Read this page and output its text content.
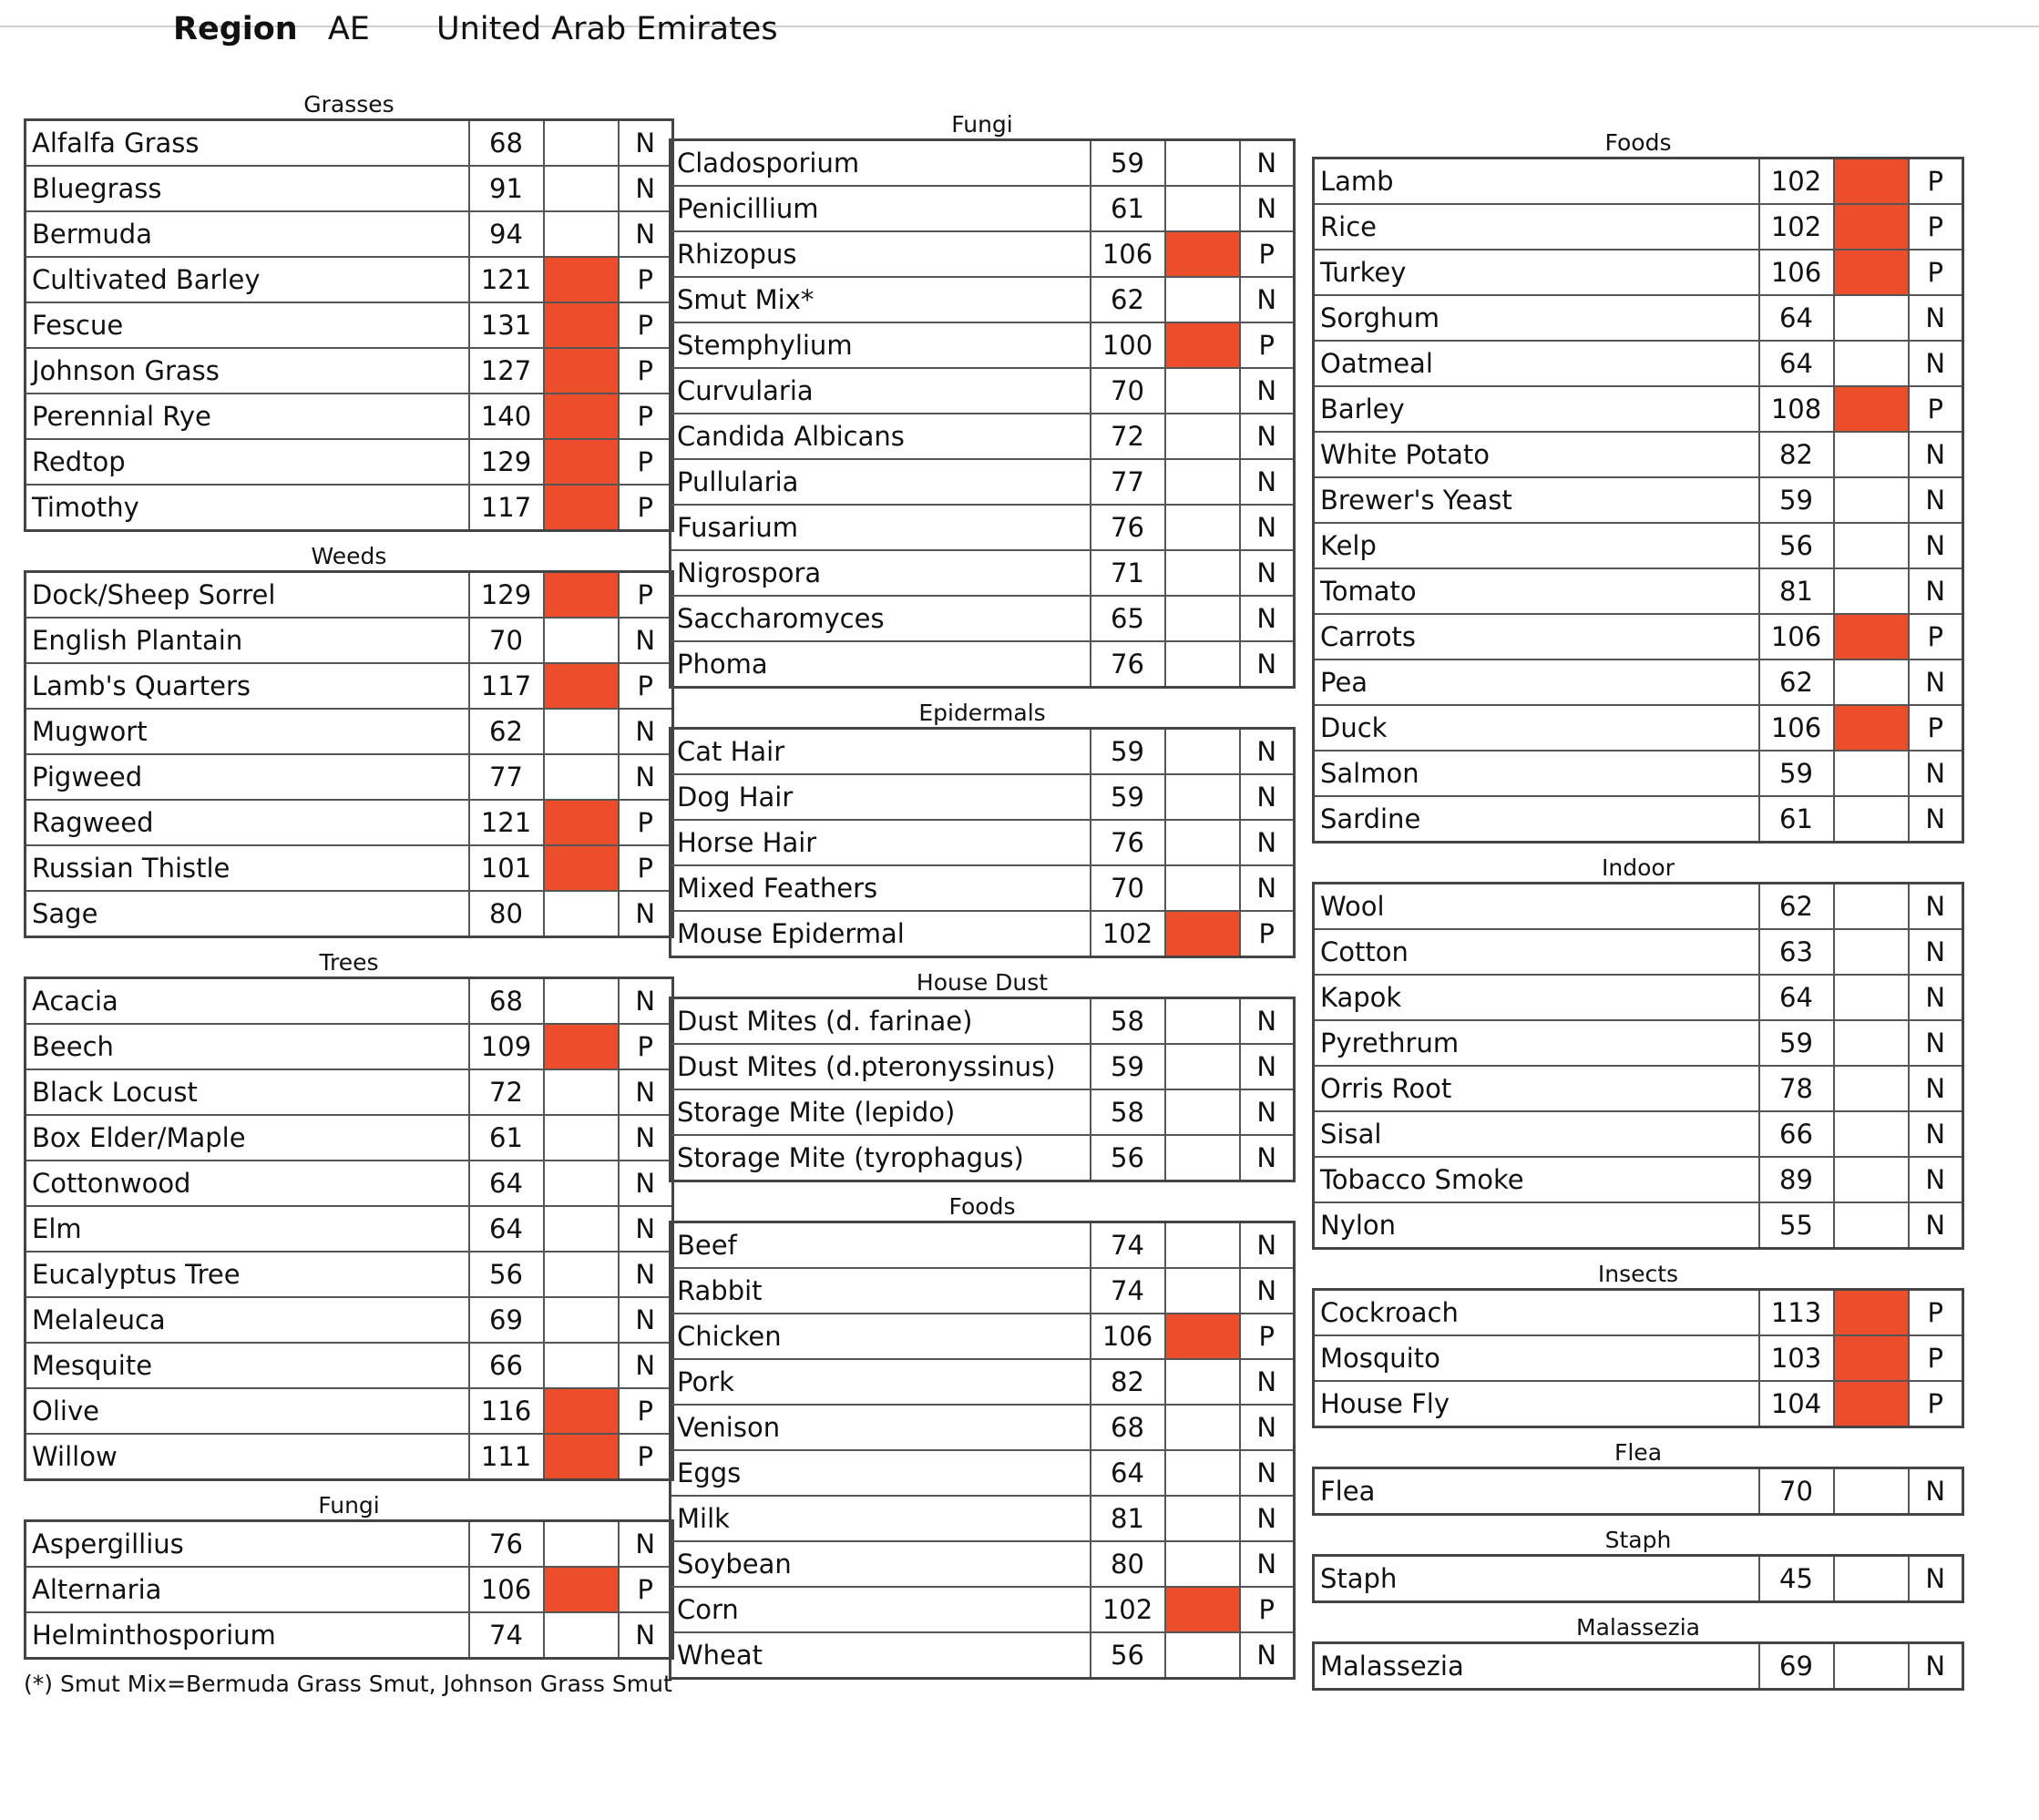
Region AE United Arab Emirates
Grasses
Alfalfa Grass	68		N
Bluegrass	91		N
Bermuda	94		N
Cultivated Barley	121		P
Fescue	131		P
Johnson Grass	127		P
Perennial Rye	140		P
Redtop	129		P
Timothy	117		P
Weeds
Dock/Sheep Sorrel	129		P
English Plantain	70		N
Lamb's Quarters	117		P
Mugwort	62		N
Pigweed	77		N
Ragweed	121		P
Russian Thistle	101		P
Sage	80		N
Trees
Acacia	68		N
Beech	109		P
Black Locust	72		N
Box Elder/Maple	61		N
Cottonwood	64		N
Elm	64		N
Eucalyptus Tree	56		N
Melaleuca	69		N
Mesquite	66		N
Olive	116		P
Willow	111		P
Fungi
Aspergillius	76		N
Alternaria	106		P
Helminthosporium	74		N
(*) Smut Mix=Bermuda Grass Smut, Johnson Grass Smut
Fungi
Cladosporium	59		N
Penicillium	61		N
Rhizopus	106		P
Smut Mix*	62		N
Stemphylium	100		P
Curvularia	70		N
Candida Albicans	72		N
Pullularia	77		N
Fusarium	76		N
Nigrospora	71		N
Saccharomyces	65		N
Phoma	76		N
Epidermals
Cat Hair	59		N
Dog Hair	59		N
Horse Hair	76		N
Mixed Feathers	70		N
Mouse Epidermal	102		P
House Dust
Dust Mites (d. farinae)	58		N
Dust Mites (d.pteronyssinus)	59		N
Storage Mite (lepido)	58		N
Storage Mite (tyrophagus)	56		N
Foods
Beef	74		N
Rabbit	74		N
Chicken	106		P
Pork	82		N
Venison	68		N
Eggs	64		N
Milk	81		N
Soybean	80		N
Corn	102		P
Wheat	56		N
Foods
Lamb	102		P
Rice	102		P
Turkey	106		P
Sorghum	64		N
Oatmeal	64		N
Barley	108		P
White Potato	82		N
Brewer's Yeast	59		N
Kelp	56		N
Tomato	81		N
Carrots	106		P
Pea	62		N
Duck	106		P
Salmon	59		N
Sardine	61		N
Indoor
Wool	62		N
Cotton	63		N
Kapok	64		N
Pyrethrum	59		N
Orris Root	78		N
Sisal	66		N
Tobacco Smoke	89		N
Nylon	55		N
Insects
Cockroach	113		P
Mosquito	103		P
House Fly	104		P
Flea
Flea	70		N
Staph
Staph	45		N
Malassezia
Malassezia	69		N
